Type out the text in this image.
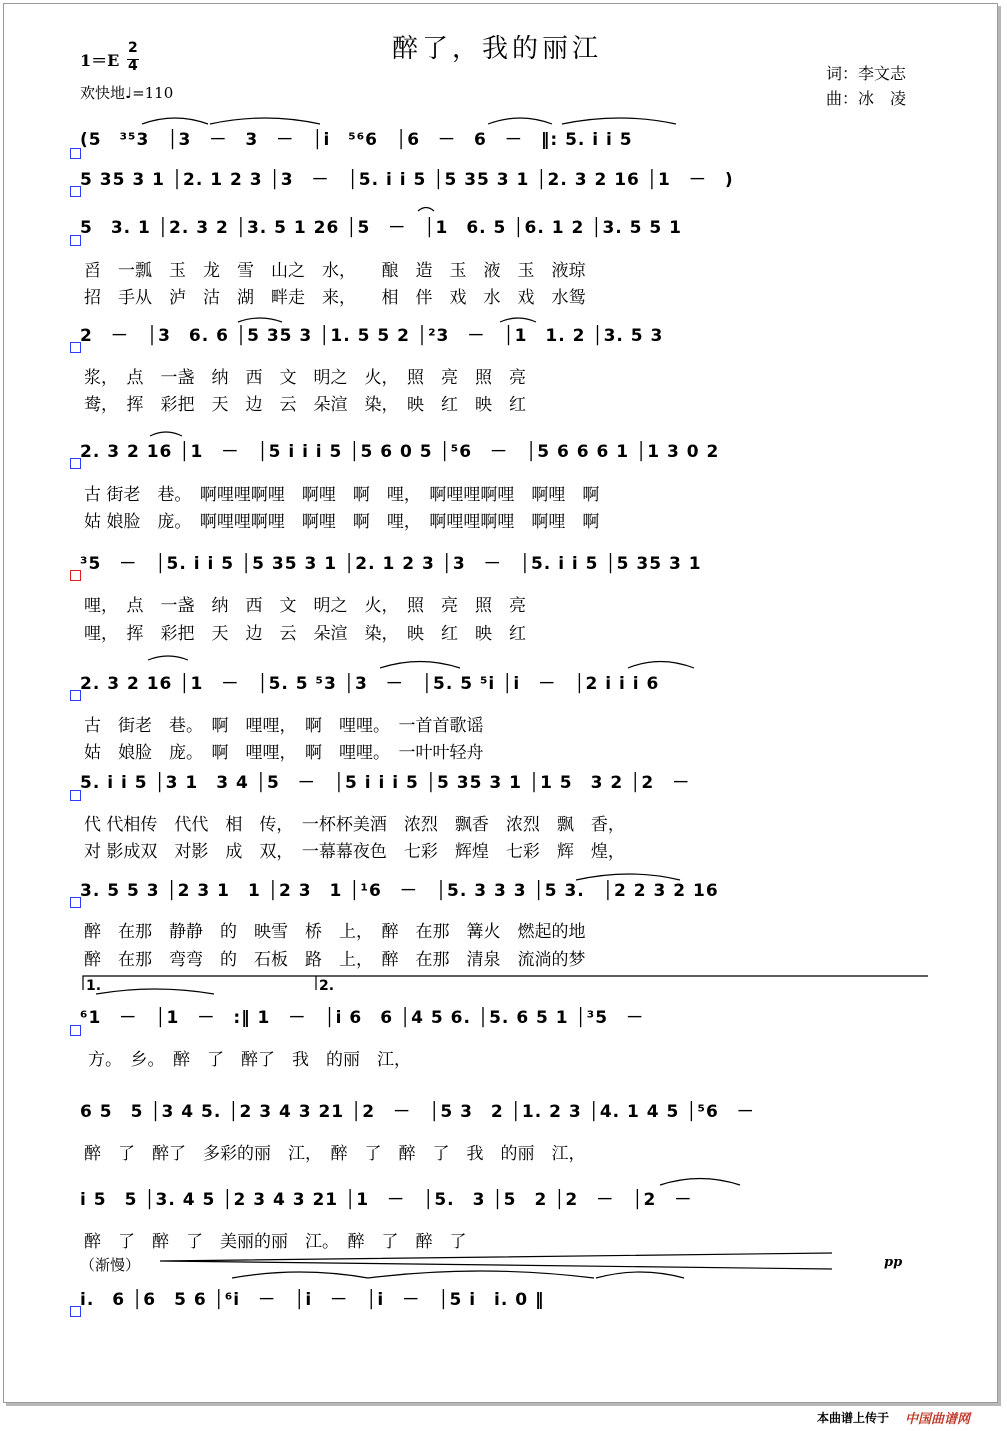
醉了，我的丽江
1＝E
2
4
欢快地♩=110
词：李文志
曲：冰　凌
(5　³⁵3　│3　－　3　－　│i　⁵⁶6　│6　－　6　－　‖: 5. i i 5
5 35 3 1 │2. 1 2 3 │3　－　│5. i i 5 │5 35 3 1 │2. 3 2 16 │1　－　)
5　3. 1 │2. 3 2 │3. 5 1 26 │5　－　│1　6. 5 │6. 1 2 │3. 5 5 1
舀　一瓢　玉　龙　雪　山之　水，　　酿　造　玉　液　玉　液琼
招　手从　泸　沽　湖　畔走　来，　　相　伴　戏　水　戏　水鸳
2　－　│3　6. 6 │5 35 3 │1. 5 5 2 │²3　－　│1　1. 2 │3. 5 3
浆，　点　一盏　纳　西　文　明之　火，　照　亮　照　亮
鸯，　挥　彩把　天　边　云　朵渲　染，　映　红　映　红
2. 3 2 16 │1　－　│5 i i i 5 │5 6 0 5 │⁵6　－　│5 6 6 6 1 │1 3 0 2
古 街老　巷。　啊哩哩啊哩　啊哩　啊　哩，　啊哩哩啊哩　啊哩　啊
姑 娘脸　庞。　啊哩哩啊哩　啊哩　啊　哩，　啊哩哩啊哩　啊哩　啊
³5　－　│5. i i 5 │5 35 3 1 │2. 1 2 3 │3　－　│5. i i 5 │5 35 3 1
哩，　点　一盏　纳　西　文　明之　火，　照　亮　照　亮
哩，　挥　彩把　天　边　云　朵渲　染，　映　红　映　红
2. 3 2 16 │1　－　│5. 5 ⁵3 │3　－　│5. 5 ⁵i │i　－　│2 i i i 6
古　街老　巷。　啊　哩哩，　啊　哩哩。　一首首歌谣
姑　娘脸　庞。　啊　哩哩，　啊　哩哩。　一叶叶轻舟
5. i i 5 │3 1　3 4 │5　－　│5 i i i 5 │5 35 3 1 │1 5　3 2 │2　－
代 代相传　代代　相　传，　一杯杯美酒　浓烈　飘香　浓烈　飘　香，
对 影成双　对影　成　双，　一幕幕夜色　七彩　辉煌　七彩　辉　煌，
3. 5 5 3 │2 3 1　1 │2 3　1 │¹6　－　│5. 3 3 3 │5 3.　│2 2 3 2 16
醉　在那　静静　的　映雪　桥　上，　醉　在那　篝火　燃起的地
醉　在那　弯弯　的　石板　路　上，　醉　在那　清泉　流淌的梦
1.	2.
⁶1　－　│1　－　:‖ 1　－　│i 6　6 │4 5 6. │5. 6 5 1 │³5　－
方。　乡。　醉　了　醉了　我　的丽　江，
6 5　5 │3 4 5. │2 3 4 3 21 │2　－　│5 3　2 │1. 2 3 │4. 1 4 5 │⁵6　－
醉　了　醉了　多彩的丽　江，　醉　了　醉　了　我　的丽　江，
i 5　5 │3. 4 5 │2 3 4 3 21 │1　－　│5.　3 │5　2 │2　－　│2　－
醉　了　醉　了　美丽的丽　江。　醉　了　醉　了
（渐慢）	pp
i.　6 │6　5 6 │⁶i　－　│i　－　│i　－　│5 i　i. 0 ‖
本曲谱上传于 中国曲谱网
